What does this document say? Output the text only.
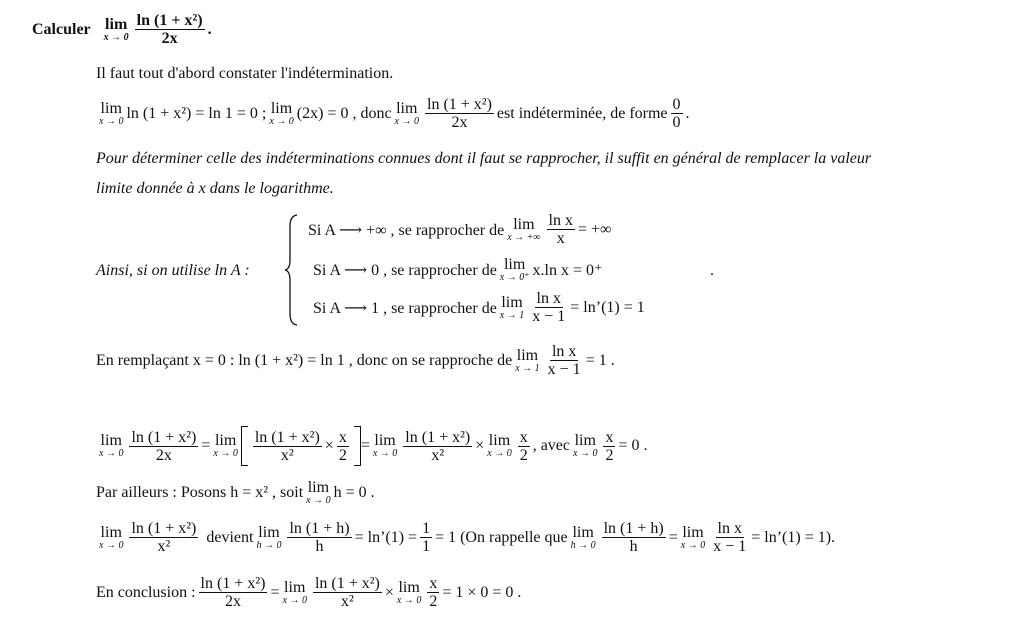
Calculer lim
x → 0
ln (1 + x²)
2x
.
Il faut tout d'abord constater l'indétermination.
lim
x → 0 ln (1 + x²) = ln 1 = 0 ; lim
x → 0 (2x) = 0 , donc lim
x → 0
ln (1 + x²)
2x
est indéterminée, de forme 0
0
.
Pour déterminer celle des indéterminations connues dont il faut se rapprocher, il suffit en général de remplacer la valeur
limite donnée à x dans le logarithme.
Ainsi, si on utilise ln A :
Si A ⟶ +∞ , se rapprocher de lim
x → +∞ $\frac{\text{ln x}}{x}$ = +∞
Si A ⟶ 0 , se rapprocher de lim
x → 0⁺ x.ln x = 0⁺
Si A ⟶ 1 , se rapprocher de lim
$x \to 1 \frac{\text{ln x}}{x - 1}$ = ln’(1) = 1
.
En remplaçant x = 0 : ln (1 + x²) = ln 1 , donc on se rapproche de lim
$x \to 1 \frac{\text{ln x}}{x - 1} = 1$ .
lim
$x \to 0 \frac{\text{ln (1 + x²)}}{2x} = \lim$
$x \to 0 \frac{\text{ln (1 + x²)}}{\text{x²}} \times \frac{x}{2} = \lim$
$x \to 0 \frac{\text{ln (1 + x²)}}{\text{x²}} \times \lim$
x → 0
x
2
, avec lim
$x \to 0 \frac{x}{2} = 0$ .
Par ailleurs : Posons h = x² , soit lim
x → 0 h = 0 .
lim
x → 0
ln (1 + x²)
x²
devient lim
$h \to 0 \frac{\ln (1 + h)}{h}$ = ln’(1) = $\frac{1}{1} = 1$ (On rappelle que lim
$h \to 0 \frac{\ln (1 + h)}{h} = \lim$
$x \to 0 \frac{\text{ln x}}{x - 1}$ = ln’(1) = 1).
En conclusion : $\frac{\text{ln (1 + x²)}}{2x} = \lim$
$x \to 0 \frac{\text{ln (1 + x²)}}{\text{x²}} \times \lim$
$x \to 0 \frac{x}{2} = 1 \times 0 = 0$ .
